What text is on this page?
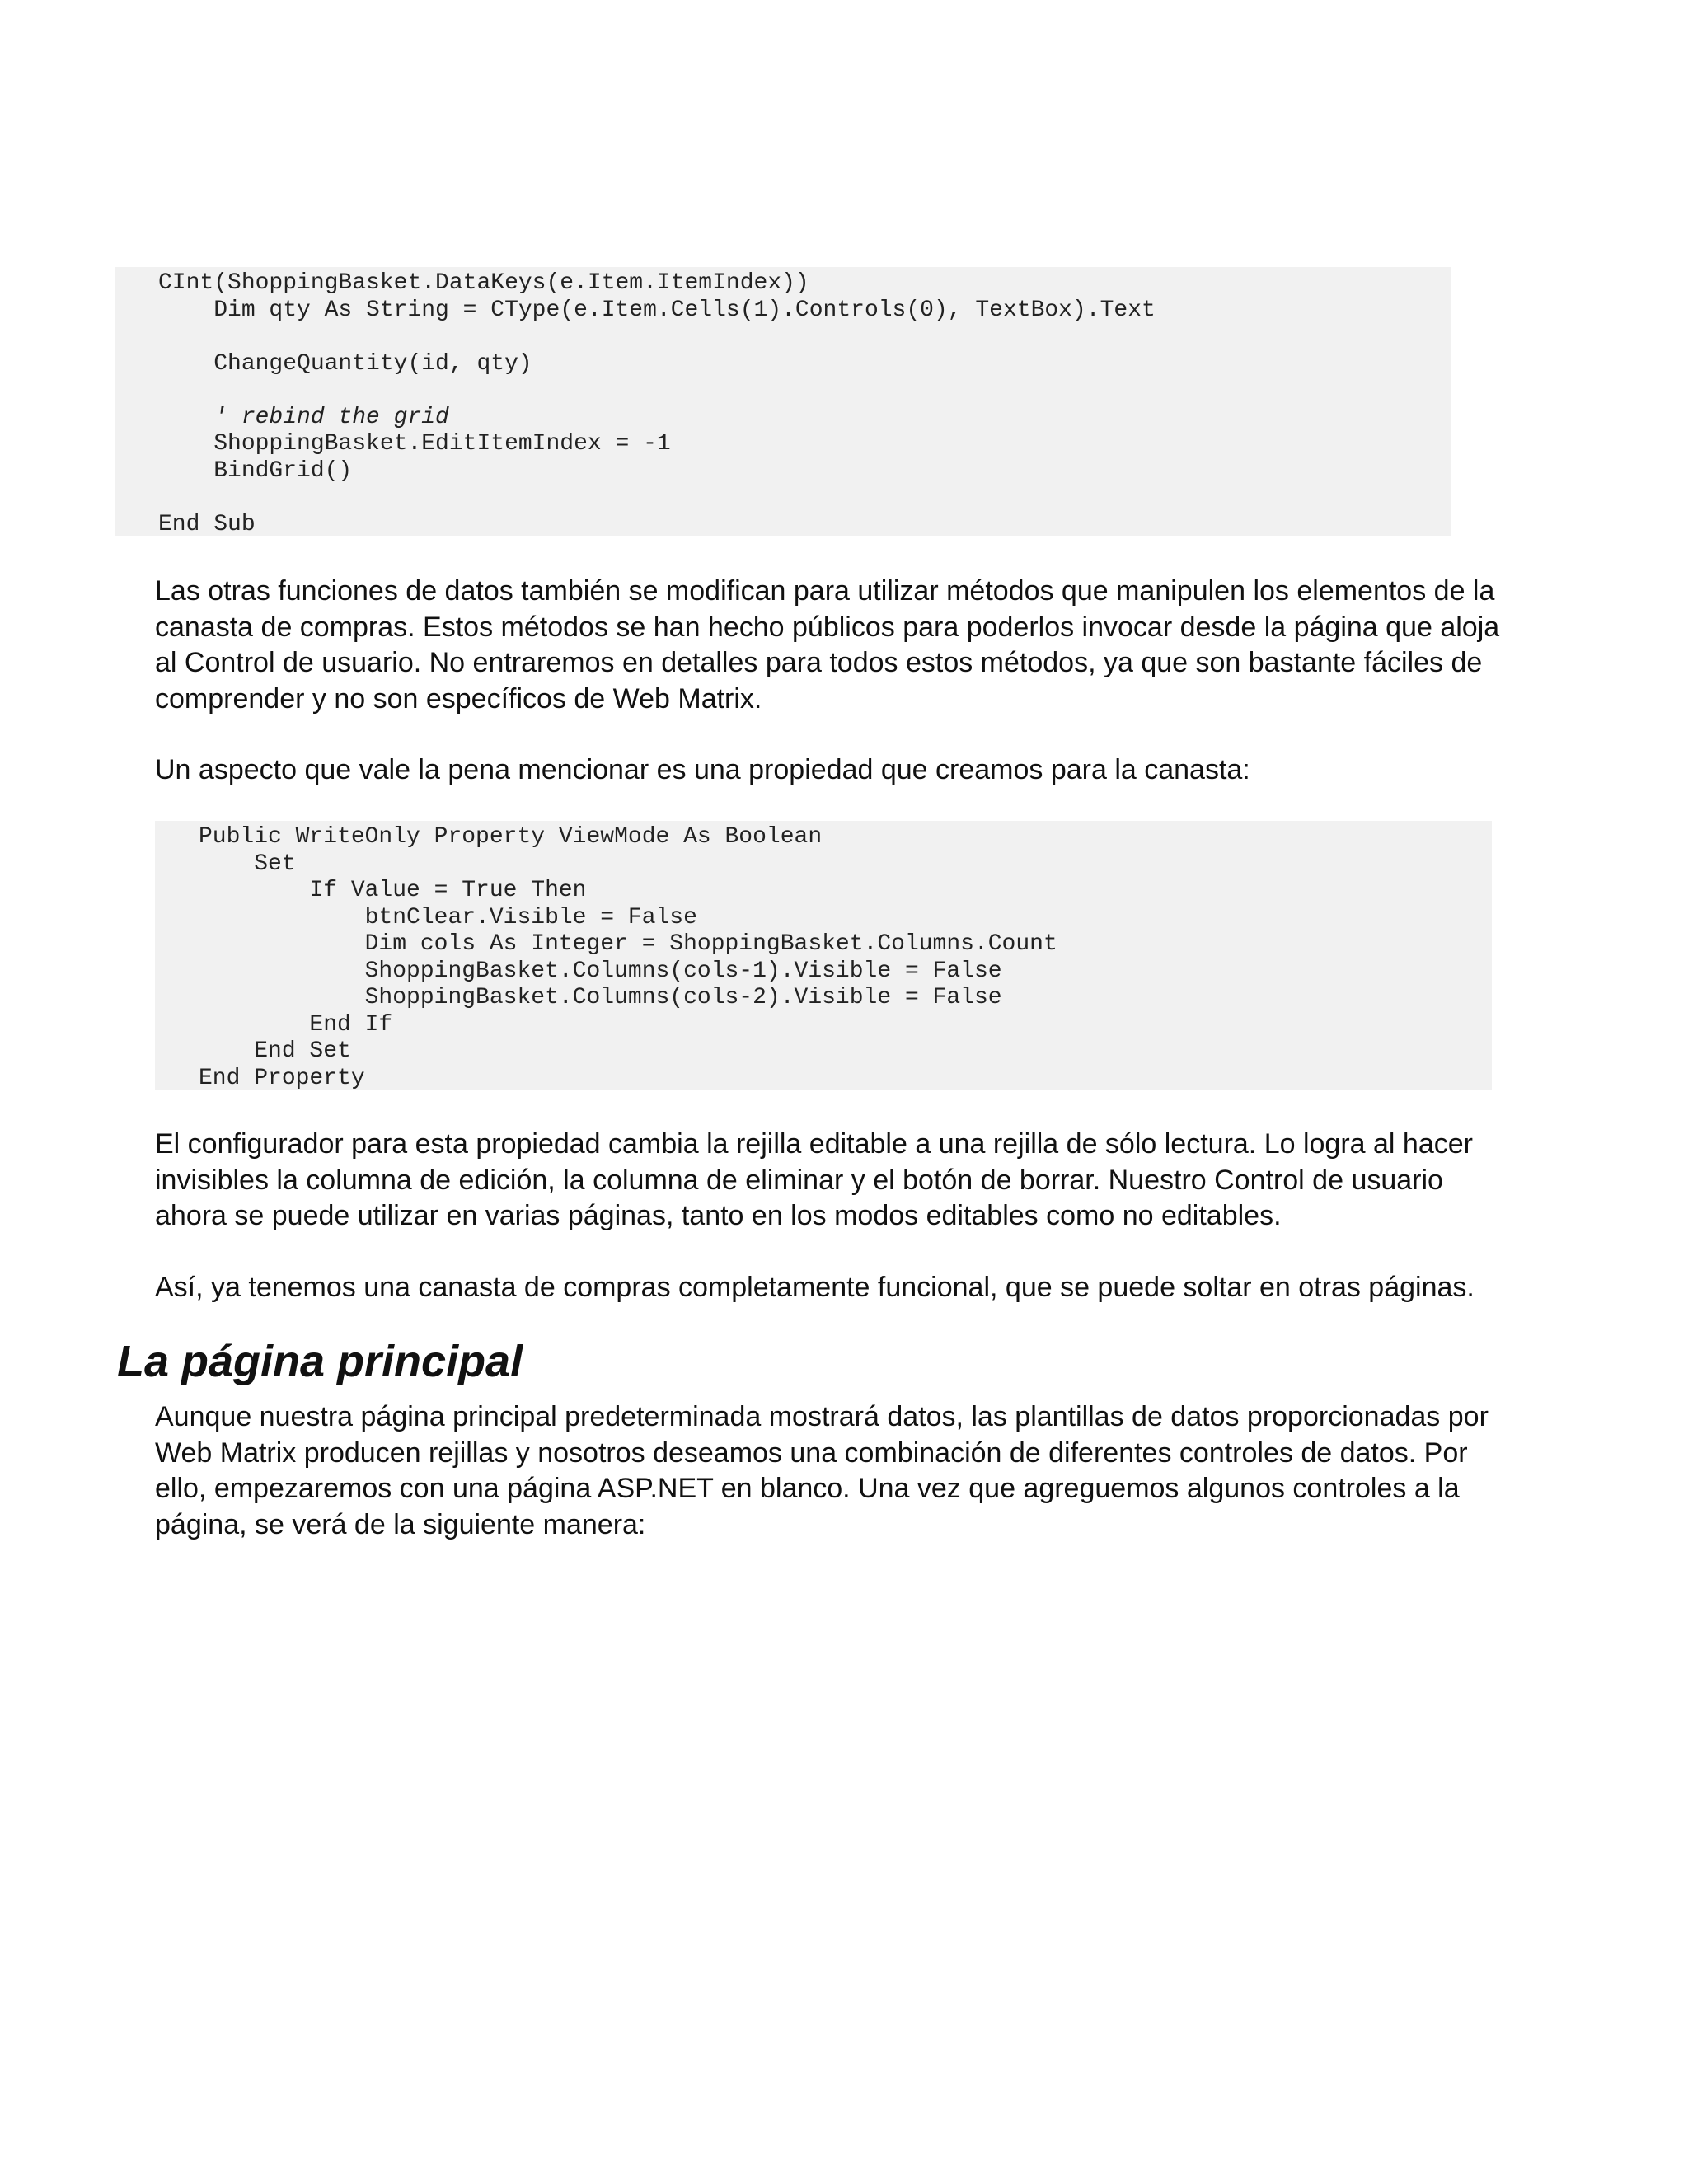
CInt(ShoppingBasket.DataKeys(e.Item.ItemIndex))
Dim qty As String = CType(e.Item.Cells(1).Controls(0), TextBox).Text
ChangeQuantity(id, qty)
' rebind the grid
ShoppingBasket.EditItemIndex = -1
BindGrid()
End Sub

Las otras funciones de datos también se modifican para utilizar métodos que manipulen los elementos de la canasta de compras. Estos métodos se han hecho públicos para poderlos invocar desde la página que aloja al Control de usuario. No entraremos en detalles para todos estos métodos, ya que son bastante fáciles de comprender y no son específicos de Web Matrix.

Un aspecto que vale la pena mencionar es una propiedad que creamos para la canasta:

Public WriteOnly Property ViewMode As Boolean
Set
If Value = True Then
btnClear.Visible = False
Dim cols As Integer = ShoppingBasket.Columns.Count
ShoppingBasket.Columns(cols-1).Visible = False
ShoppingBasket.Columns(cols-2).Visible = False
End If
End Set
End Property

El configurador para esta propiedad cambia la rejilla editable a una rejilla de sólo lectura. Lo logra al hacer invisibles la columna de edición, la columna de eliminar y el botón de borrar. Nuestro Control de usuario ahora se puede utilizar en varias páginas, tanto en los modos editables como no editables.

Así, ya tenemos una canasta de compras completamente funcional, que se puede soltar en otras páginas.

La página principal

Aunque nuestra página principal predeterminada mostrará datos, las plantillas de datos proporcionadas por Web Matrix producen rejillas y nosotros deseamos una combinación de diferentes controles de datos. Por ello, empezaremos con una página ASP.NET en blanco. Una vez que agreguemos algunos controles a la página, se verá de la siguiente manera:
